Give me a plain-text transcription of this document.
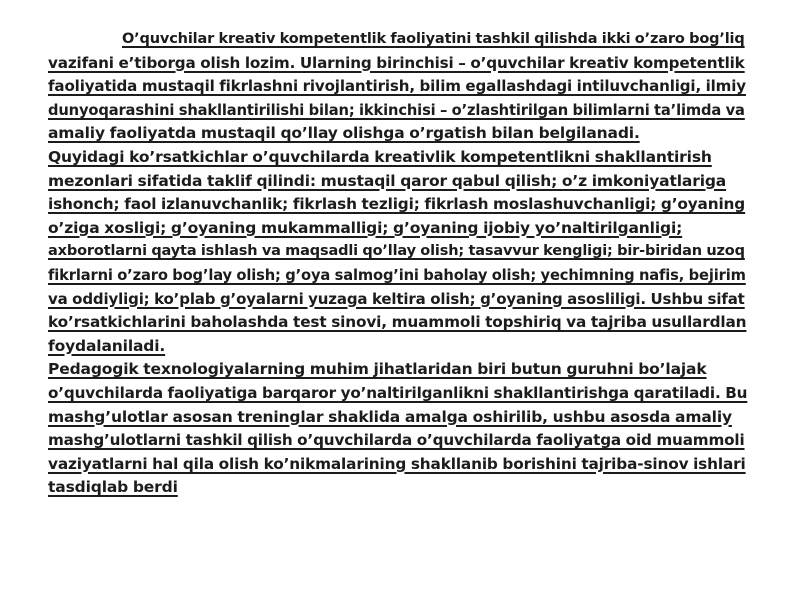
O’quvchilar kreativ kompetentlik faoliyatini tashkil qilishda ikki o’zaro bog’liq

vazifani e’tiborga olish lozim. Ularning birinchisi – o’quvchilar kreativ kompetentlik

faoliyatida mustaqil fikrlashni rivojlantirish, bilim egallashdagi intiluvchanligi, ilmiy

dunyoqarashini shakllantirilishi bilan; ikkinchisi – o’zlashtirilgan bilimlarni ta’limda va

amaliy faoliyatda mustaqil qo’llay olishga o’rgatish bilan belgilanadi.

Quyidagi ko’rsatkichlar o’quvchilarda kreativlik kompetentlikni shakllantirish

mezonlari sifatida taklif qilindi: mustaqil qaror qabul qilish; o’z imkoniyatlariga

ishonch; faol izlanuvchanlik; fikrlash tezligi; fikrlash moslashuvchanligi; g’oyaning

o’ziga xosligi; g’oyaning mukammalligi; g’oyaning ijobiy yo’naltirilganligi;

axborotlarni qayta ishlash va maqsadli qo’llay olish; tasavvur kengligi; bir-biridan uzoq

fikrlarni o’zaro bog’lay olish; g’oya salmog’ini baholay olish; yechimning nafis, bejirim

va oddiyligi; ko’plab g’oyalarni yuzaga keltira olish; g’oyaning asosliligi. Ushbu sifat

ko’rsatkichlarini baholashda test sinovi, muammoli topshiriq va tajriba usullardlan

foydalaniladi.

Pedagogik texnologiyalarning muhim jihatlaridan biri butun guruhni bo’lajak

o’quvchilarda faoliyatiga barqaror yo’naltirilganlikni shakllantirishga qaratiladi. Bu

mashg’ulotlar asosan treninglar shaklida amalga oshirilib, ushbu asosda amaliy

mashg’ulotlarni tashkil qilish o’quvchilarda o’quvchilarda faoliyatga oid muammoli

vaziyatlarni hal qila olish ko’nikmalarining shakllanib borishini tajriba-sinov ishlari

tasdiqlab berdi
